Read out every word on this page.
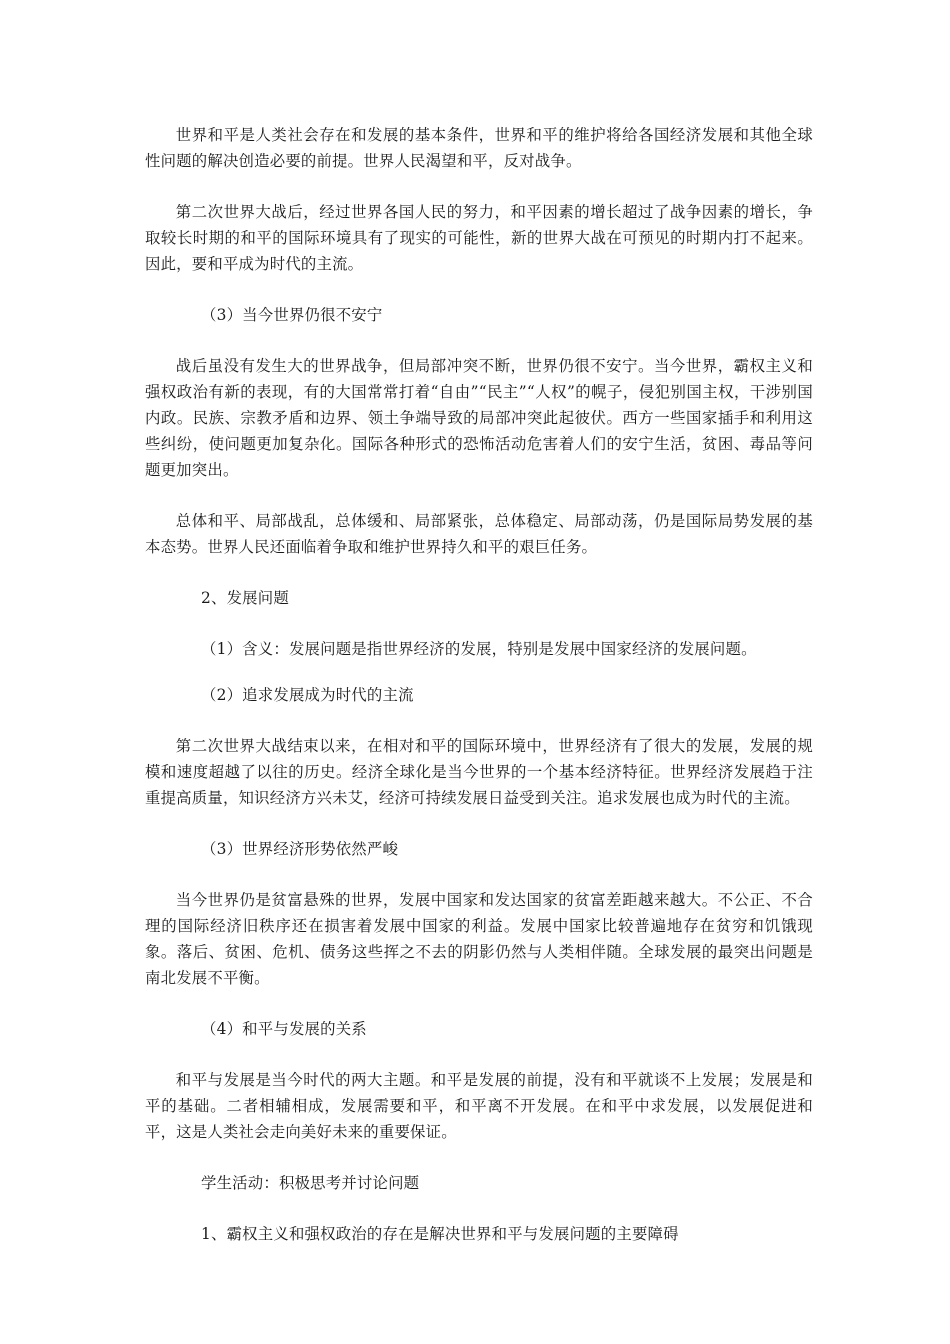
世界和平是人类社会存在和发展的基本条件，世界和平的维护将给各国经济发展和其他全球性问题的解决创造必要的前提。世界人民渴望和平，反对战争。

第二次世界大战后，经过世界各国人民的努力，和平因素的增长超过了战争因素的增长，争取较长时期的和平的国际环境具有了现实的可能性，新的世界大战在可预见的时期内打不起来。因此，要和平成为时代的主流。

（3）当今世界仍很不安宁

战后虽没有发生大的世界战争，但局部冲突不断，世界仍很不安宁。当今世界，霸权主义和强权政治有新的表现，有的大国常常打着“自由”“民主”“人权”的幌子，侵犯别国主权，干涉别国内政。民族、宗教矛盾和边界、领土争端导致的局部冲突此起彼伏。西方一些国家插手和利用这些纠纷，使问题更加复杂化。国际各种形式的恐怖活动危害着人们的安宁生活，贫困、毒品等问题更加突出。

总体和平、局部战乱，总体缓和、局部紧张，总体稳定、局部动荡，仍是国际局势发展的基本态势。世界人民还面临着争取和维护世界持久和平的艰巨任务。

2、发展问题

（1）含义：发展问题是指世界经济的发展，特别是发展中国家经济的发展问题。

（2）追求发展成为时代的主流

第二次世界大战结束以来，在相对和平的国际环境中，世界经济有了很大的发展，发展的规模和速度超越了以往的历史。经济全球化是当今世界的一个基本经济特征。世界经济发展趋于注重提高质量，知识经济方兴未艾，经济可持续发展日益受到关注。追求发展也成为时代的主流。

（3）世界经济形势依然严峻

当今世界仍是贫富悬殊的世界，发展中国家和发达国家的贫富差距越来越大。不公正、不合理的国际经济旧秩序还在损害着发展中国家的利益。发展中国家比较普遍地存在贫穷和饥饿现象。落后、贫困、危机、债务这些挥之不去的阴影仍然与人类相伴随。全球发展的最突出问题是南北发展不平衡。

（4）和平与发展的关系

和平与发展是当今时代的两大主题。和平是发展的前提，没有和平就谈不上发展；发展是和平的基础。二者相辅相成，发展需要和平，和平离不开发展。在和平中求发展，以发展促进和平，这是人类社会走向美好未来的重要保证。

学生活动：积极思考并讨论问题

1、霸权主义和强权政治的存在是解决世界和平与发展问题的主要障碍
